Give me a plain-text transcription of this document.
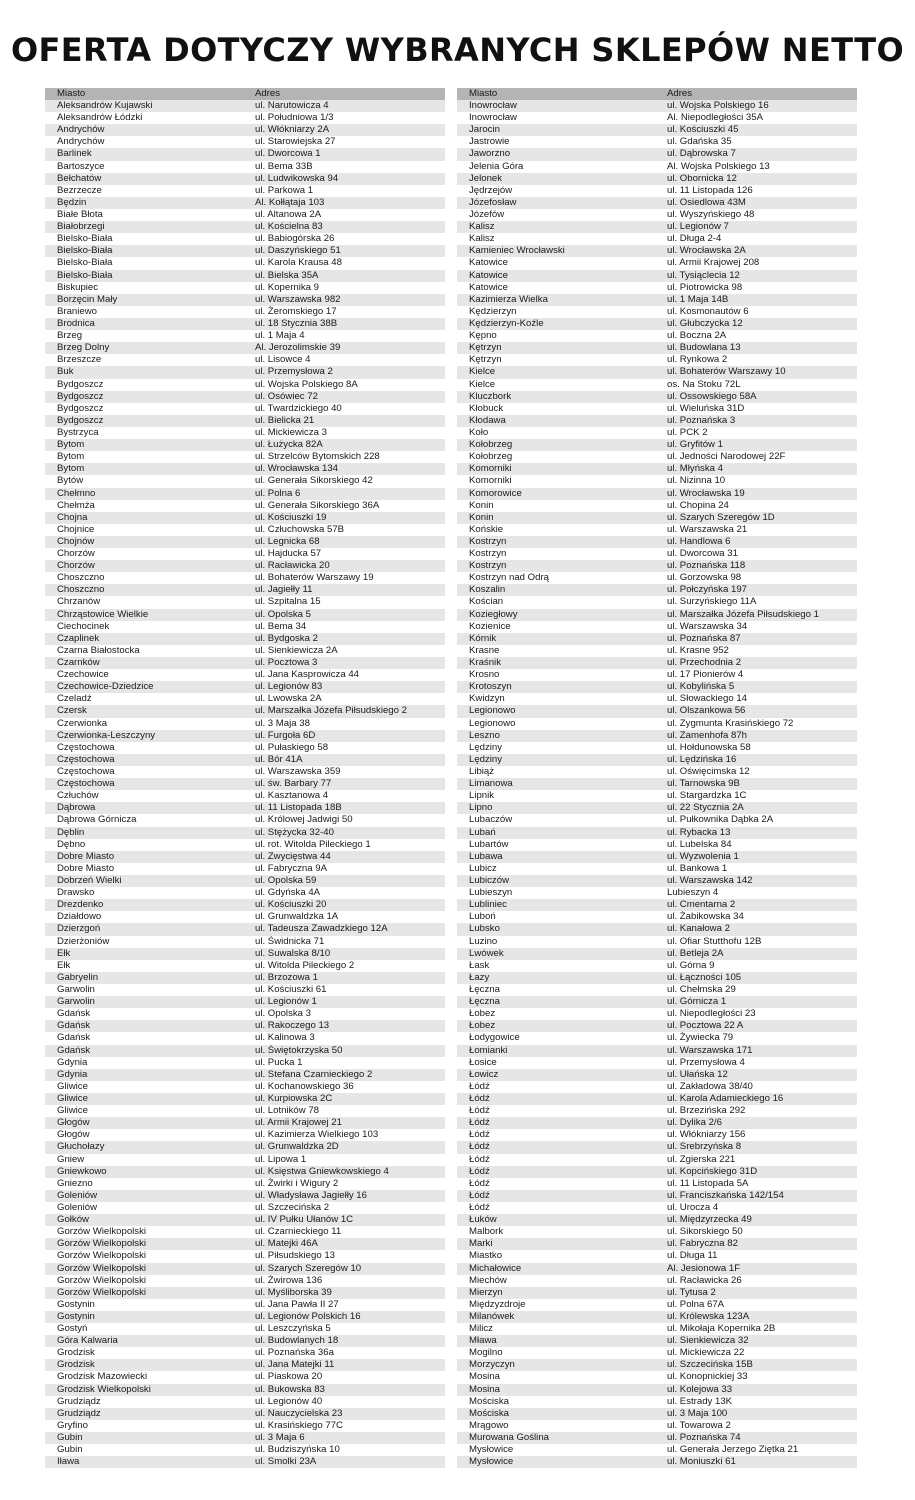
OFERTA DOTYCZY WYBRANYCH SKLEPÓW NETTO
Miasto	Adres
Aleksandrów Kujawski	ul. Narutowicza 4
Aleksandrów Łódzki	ul. Południowa 1/3
Andrychów	ul. Włókniarzy 2A
Andrychów	ul. Starowiejska 27
Barlinek	ul. Dworcowa 1
Bartoszyce	ul. Bema 33B
Bełchatów	ul. Ludwikowska 94
Bezrzecze	ul. Parkowa 1
Będzin	Al. Kołłątaja 103
Białe Błota	ul. Altanowa 2A
Białobrzegi	ul. Kościelna 83
Bielsko-Biała	ul. Babiogórska 26
Bielsko-Biała	ul. Daszyńskiego 51
Bielsko-Biała	ul. Karola Krausa 48
Bielsko-Biała	ul. Bielska 35A
Biskupiec	ul. Kopernika 9
Borzęcin Mały	ul. Warszawska 982
Braniewo	ul. Żeromskiego 17
Brodnica	ul. 18 Stycznia 38B
Brzeg	ul. 1 Maja 4
Brzeg Dolny	Al. Jerozolimskie 39
Brzeszcze	ul. Lisowce 4
Buk	ul. Przemysłowa 2
Bydgoszcz	ul. Wojska Polskiego 8A
Bydgoszcz	ul. Osówiec 72
Bydgoszcz	ul. Twardzickiego 40
Bydgoszcz	ul. Bielicka 21
Bystrzyca	ul. Mickiewicza 3
Bytom	ul. Łużycka 82A
Bytom	ul. Strzelców Bytomskich 228
Bytom	ul. Wrocławska 134
Bytów	ul. Generała Sikorskiego 42
Chełmno	ul. Polna 6
Chełmża	ul. Generała Sikorskiego 36A
Chojna	ul. Kościuszki 19
Chojnice	ul. Człuchowska 57B
Chojnów	ul. Legnicka 68
Chorzów	ul. Hajducka 57
Chorzów	ul. Racławicka 20
Choszczno	ul. Bohaterów Warszawy 19
Choszczno	ul. Jagiełły 11
Chrzanów	ul. Szpitalna 15
Chrząstowice Wielkie	ul. Opolska 5
Ciechocinek	ul. Bema 34
Czaplinek	ul. Bydgoska 2
Czarna Białostocka	ul. Sienkiewicza 2A
Czarnków	ul. Pocztowa 3
Czechowice	ul. Jana Kasprowicza 44
Czechowice-Dziedzice	ul. Legionów 83
Czeladź	ul. Lwowska 2A
Czersk	ul. Marszałka Józefa Piłsudskiego 2
Czerwionka	ul. 3 Maja 38
Czerwionka-Leszczyny	ul. Furgoła 6D
Częstochowa	ul. Pułaskiego 58
Częstochowa	ul. Bór 41A
Częstochowa	ul. Warszawska 359
Częstochowa	ul. św. Barbary 77
Człuchów	ul. Kasztanowa 4
Dąbrowa	ul. 11 Listopada 18B
Dąbrowa Górnicza	ul. Królowej Jadwigi 50
Dęblin	ul. Stężycka 32-40
Dębno	ul. rot. Witolda Pileckiego 1
Dobre Miasto	ul. Zwycięstwa 44
Dobre Miasto	ul. Fabryczna 9A
Dobrzeń Wielki	ul. Opolska 59
Drawsko	ul. Gdyńska 4A
Drezdenko	ul. Kościuszki 20
Działdowo	ul. Grunwaldzka 1A
Dzierzgoń	ul. Tadeusza Zawadzkiego 12A
Dzierżoniów	ul. Świdnicka 71
Ełk	ul. Suwalska 8/10
Ełk	ul. Witolda Pileckiego 2
Gabryelin	ul. Brzozowa 1
Garwolin	ul. Kościuszki 61
Garwolin	ul. Legionów 1
Gdańsk	ul. Opolska 3
Gdańsk	ul. Rakoczego 13
Gdańsk	ul. Kalinowa 3
Gdańsk	ul. Świętokrzyska 50
Gdynia	ul. Pucka 1
Gdynia	ul. Stefana Czarnieckiego 2
Gliwice	ul. Kochanowskiego 36
Gliwice	ul. Kurpiowska 2C
Gliwice	ul. Lotników 78
Głogów	ul. Armii Krajowej 21
Głogów	ul. Kazimierza Wielkiego 103
Głuchołazy	ul. Grunwaldzka 2D
Gniew	ul. Lipowa 1
Gniewkowo	ul. Księstwa Gniewkowskiego 4
Gniezno	ul. Żwirki i Wigury 2
Goleniów	ul. Władysława Jagiełły 16
Goleniów	ul. Szczecińska 2
Gołków	ul. IV Pułku Ułanów 1C
Gorzów Wielkopolski	ul. Czarnieckiego 11
Gorzów Wielkopolski	ul. Matejki 46A
Gorzów Wielkopolski	ul. Piłsudskiego 13
Gorzów Wielkopolski	ul. Szarych Szeregów 10
Gorzów Wielkopolski	ul. Żwirowa 136
Gorzów Wielkopolski	ul. Myśliborska 39
Gostynin	ul. Jana Pawła II 27
Gostynin	ul. Legionów Polskich 16
Gostyń	ul. Leszczyńska 5
Góra Kalwaria	ul. Budowlanych 18
Grodzisk	ul. Poznańska 36a
Grodzisk	ul. Jana Matejki 11
Grodzisk Mazowiecki	ul. Piaskowa 20
Grodzisk Wielkopolski	ul. Bukowska 83
Grudziądz	ul. Legionów 40
Grudziądz	ul. Nauczycielska 23
Gryfino	ul. Krasińskiego 77C
Gubin	ul. 3 Maja 6
Gubin	ul. Budziszyńska 10
Iława	ul. Smolki 23A
Miasto	Adres
Inowrocław	ul. Wojska Polskiego 16
Inowrocław	Al. Niepodległości 35A
Jarocin	ul. Kościuszki 45
Jastrowie	ul. Gdańska 35
Jaworzno	ul. Dąbrowska 7
Jelenia Góra	Al. Wojska Polskiego 13
Jelonek	ul. Obornicka 12
Jędrzejów	ul. 11 Listopada 126
Józefosław	ul. Osiedlowa 43M
Józefów	ul. Wyszyńskiego 48
Kalisz	ul. Legionów 7
Kalisz	ul. Długa 2-4
Kamieniec Wrocławski	ul. Wrocławska 2A
Katowice	ul. Armii Krajowej 208
Katowice	ul. Tysiąclecia 12
Katowice	ul. Piotrowicka 98
Kazimierza Wielka	ul. 1 Maja 14B
Kędzierzyn	ul. Kosmonautów 6
Kędzierzyn-Koźle	ul. Głubczycka 12
Kępno	ul. Boczna 2A
Kętrzyn	ul. Budowlana 13
Kętrzyn	ul. Rynkowa 2
Kielce	ul. Bohaterów Warszawy 10
Kielce	os. Na Stoku 72L
Kluczbork	ul. Ossowskiego 58A
Kłobuck	ul. Wieluńska 31D
Kłodawa	ul. Poznańska 3
Koło	ul. PCK 2
Kołobrzeg	ul. Gryfitów 1
Kołobrzeg	ul. Jedności Narodowej 22F
Komorniki	ul. Młyńska 4
Komorniki	ul. Nizinna 10
Komorowice	ul. Wrocławska 19
Konin	ul. Chopina 24
Konin	ul. Szarych Szeregów 1D
Końskie	ul. Warszawska 21
Kostrzyn	ul. Handlowa 6
Kostrzyn	ul. Dworcowa 31
Kostrzyn	ul. Poznańska 118
Kostrzyn nad Odrą	ul. Gorzowska 98
Koszalin	ul. Połczyńska 197
Kościan	ul. Surzyńskiego 11A
Koziegłowy	ul. Marszałka Józefa Piłsudskiego 1
Kozienice	ul. Warszawska 34
Kórnik	ul. Poznańska 87
Krasne	ul. Krasne 952
Kraśnik	ul. Przechodnia 2
Krosno	ul. 17 Pionierów 4
Krotoszyn	ul. Kobylińska 5
Kwidzyn	ul. Słowackiego 14
Legionowo	ul. Olszankowa 56
Legionowo	ul. Zygmunta Krasińskiego 72
Leszno	ul. Zamenhofa 87h
Lędziny	ul. Hołdunowska 58
Lędziny	ul. Lędzińska 16
Libiąż	ul. Oświęcimska 12
Limanowa	ul. Tarnowska 9B
Lipnik	ul. Stargardzka 1C
Lipno	ul. 22 Stycznia 2A
Lubaczów	ul. Pułkownika Dąbka 2A
Lubań	ul. Rybacka 13
Lubartów	ul. Lubelska 84
Lubawa	ul. Wyzwolenia 1
Lubicz	ul. Bankowa 1
Lubiczów	ul. Warszawska 142
Lubieszyn	Lubieszyn 4
Lubliniec	ul. Cmentarna 2
Luboń	ul. Żabikowska 34
Lubsko	ul. Kanałowa 2
Luzino	ul. Ofiar Stutthofu 12B
Lwówek	ul. Betleja 2A
Łask	ul. Górna 9
Łazy	ul. Łączności 105
Łęczna	ul. Chełmska 29
Łęczna	ul. Górnicza 1
Łobez	ul. Niepodległości 23
Łobez	ul. Pocztowa 22 A
Łodygowice	ul. Żywiecka 79
Łomianki	ul. Warszawska 171
Łosice	ul. Przemysłowa 4
Łowicz	ul. Ułańska 12
Łódź	ul. Zakładowa 38/40
Łódź	ul. Karola Adamieckiego 16
Łódź	ul. Brzezińska 292
Łódź	ul. Dylika 2/6
Łódź	ul. Włókniarzy 156
Łódź	ul. Srebrzyńska 8
Łódź	ul. Zgierska 221
Łódź	ul. Kopcińskiego 31D
Łódź	ul. 11 Listopada 5A
Łódź	ul. Franciszkańska 142/154
Łódź	ul. Urocza 4
Łuków	ul. Międzyrzecka 49
Malbork	ul. Sikorskiego 50
Marki	ul. Fabryczna 82
Miastko	ul. Długa 11
Michałowice	Al. Jesionowa 1F
Miechów	ul. Racławicka 26
Mierzyn	ul. Tytusa 2
Międzyzdroje	ul. Polna 67A
Milanówek	ul. Królewska 123A
Milicz	ul. Mikołaja Kopernika 2B
Mława	ul. Sienkiewicza 32
Mogilno	ul. Mickiewicza 22
Morzyczyn	ul. Szczecińska 15B
Mosina	ul. Konopnickiej 33
Mosina	ul. Kolejowa 33
Mościska	ul. Estrady 13K
Mościska	ul. 3 Maja 100
Mrągowo	ul. Towarowa 2
Murowana Goślina	ul. Poznańska 74
Mysłowice	ul. Generała Jerzego Ziętka 21
Mysłowice	ul. Moniuszki 61
